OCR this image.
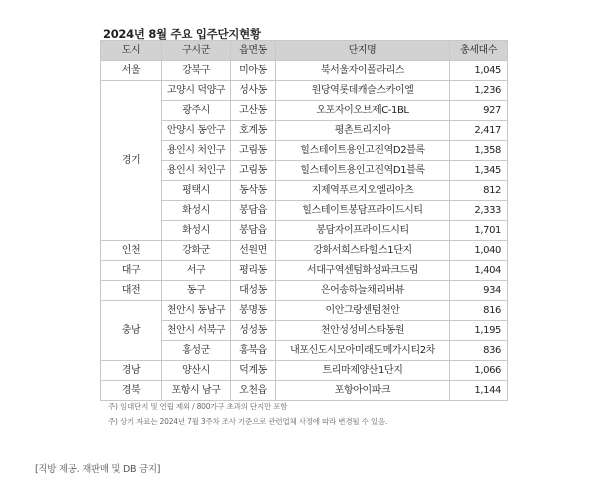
2024년 8월 주요 입주단지현황
도시	구시군	읍면동	단지명	총세대수
서울	강북구	미아동	북서울자이폴라리스	1,045
경기	고양시 덕양구	성사동	원당역롯데캐슬스카이엘	1,236
	광주시	고산동	오포자이오브제C-1BL	927
	안양시 동안구	호계동	평촌트리지아	2,417
	용인시 처인구	고림동	힐스테이트용인고진역D2블록	1,358
	용인시 처인구	고림동	힐스테이트용인고진역D1블록	1,345
	평택시	동삭동	지제역푸르지오엘리아츠	812
	화성시	봉담읍	힐스테이트봉담프라이드시티	2,333
	화성시	봉담읍	봉담자이프라이드시티	1,701
인천	강화군	선원면	강화서희스타힐스1단지	1,040
대구	서구	평리동	서대구역센텀화성파크드림	1,404
대전	동구	대성동	은어송하늘채리버뷰	934
충남	천안시 동남구	봉명동	이안그랑센텀천안	816
	천안시 서북구	성성동	천안성성비스타동원	1,195
	홍성군	홍북읍	내포신도시모아미래도메가시티2차	836
경남	양산시	덕계동	트리마제양산1단지	1,066
경북	포항시 남구	오천읍	포항아이파크	1,144
주) 임대단지 및 연립 제외 / 800가구 초과의 단지만 포함
주) 상기 자료는 2024년 7월 3주차 조사 기준으로 관련업체 사정에 따라 변경될 수 있음.
[직방 제공. 재판매 및 DB 금지]
